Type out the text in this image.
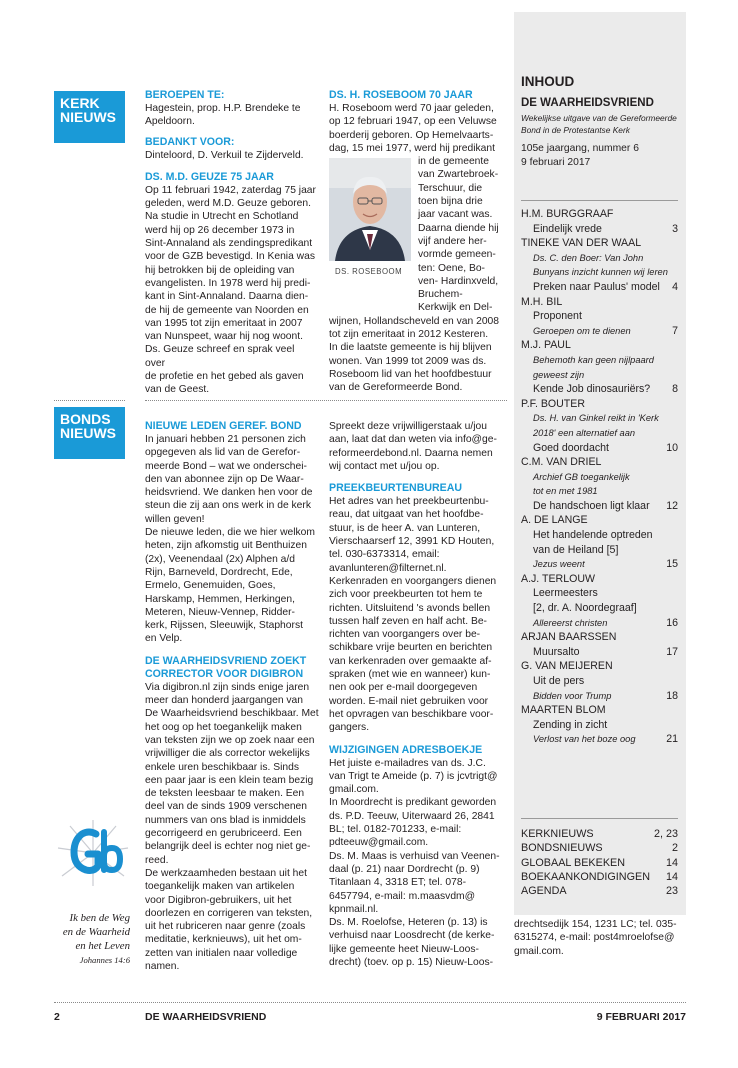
KERK
NIEUWS
BONDS
NIEUWS
BEROEPEN TE:

Hagestein, prop. H.P. Brendeke te

Apeldoorn.

BEDANKT VOOR:

Dinteloord, D. Verkuil te Zijderveld.

DS. M.D. GEUZE 75 JAAR

Op 11 februari 1942, zaterdag 75 jaar

geleden, werd M.D. Geuze geboren.

Na studie in Utrecht en Schotland

werd hij op 26 december 1973 in

Sint-Annaland als zendingspredikant

voor de GZB bevestigd. In Kenia was

hij betrokken bij de opleiding van

evangelisten. In 1978 werd hij predi-

kant in Sint-Annaland. Daarna dien-

de hij de gemeente van Noorden en

van 1995 tot zijn emeritaat in 2007

van Nunspeet, waar hij nog woont.

Ds. Geuze schreef en sprak veel over

de profetie en het gebed als gaven

van de Geest.

DS. H. ROSEBOOM 70 JAAR

H. Roseboom werd 70 jaar geleden,

op 12 februari 1947, op een Veluwse

boerderij geboren. Op Hemelvaarts-

dag, 15 mei 1977, werd hij predikant

DS. ROSEBOOM

in de gemeente

van Zwartebroek-

Terschuur, die

toen bijna drie

jaar vacant was.

Daarna diende hij

vijf andere her-

vormde gemeen-

ten: Oene, Bo-

ven- Hardinxveld,

Bruchem-

Kerkwijk en Del-

wijnen, Hollandscheveld en van 2008

tot zijn emeritaat in 2012 Kesteren.

In die laatste gemeente is hij blijven

wonen. Van 1999 tot 2009 was ds.

Roseboom lid van het hoofdbestuur

van de Gereformeerde Bond.

NIEUWE LEDEN GEREF. BOND

In januari hebben 21 personen zich

opgegeven als lid van de Gerefor-

meerde Bond – wat we onderschei-

den van abonnee zijn op De Waar-

heidsvriend. We danken hen voor de

steun die zij aan ons werk in de kerk

willen geven!

De nieuwe leden, die we hier welkom

heten, zijn afkomstig uit Benthuizen

(2x), Veenendaal (2x) Alphen a/d

Rijn, Barneveld, Dordrecht, Ede,

Ermelo, Genemuiden, Goes,

Harskamp, Hemmen, Herkingen,

Meteren, Nieuw-Vennep, Ridder-

kerk, Rijssen, Sleeuwijk, Staphorst

en Velp.

DE WAARHEIDSVRIEND ZOEKT
CORRECTOR VOOR DIGIBRON

Via digibron.nl zijn sinds enige jaren

meer dan honderd jaargangen van

De Waarheidsvriend beschikbaar. Met

het oog op het toegankelijk maken

van teksten zijn we op zoek naar een

vrijwilliger die als corrector wekelijks

enkele uren beschikbaar is. Sinds

een paar jaar is een klein team bezig

de teksten leesbaar te maken. Een

deel van de sinds 1909 verschenen

nummers van ons blad is inmiddels

gecorrigeerd en gerubriceerd. Een

belangrijk deel is echter nog niet ge-

reed.

De werkzaamheden bestaan uit het

toegankelijk maken van artikelen

voor Digibron-gebruikers, uit het

doorlezen en corrigeren van teksten,

uit het rubriceren naar genre (zoals

meditatie, kerknieuws), uit het om-

zetten van initialen naar volledige

namen.

Spreekt deze vrijwilligerstaak u/jou

aan, laat dat dan weten via info@ge-

reformeerdebond.nl. Daarna nemen

wij contact met u/jou op.

PREEKBEURTENBUREAU

Het adres van het preekbeurtenbu-

reau, dat uitgaat van het hoofdbe-

stuur, is de heer A. van Lunteren,

Vierschaarserf 12, 3991 KD Houten,

tel. 030-6373314, email:

avanlunteren@filternet.nl.

Kerkenraden en voorgangers dienen

zich voor preekbeurten tot hem te

richten. Uitsluitend 's avonds bellen

tussen half zeven en half acht. Be-

richten van voorgangers over be-

schikbare vrije beurten en berichten

van kerkenraden over gemaakte af-

spraken (met wie en wanneer) kun-

nen ook per e-mail doorgegeven

worden. E-mail niet gebruiken voor

het opvragen van beschikbare voor-

gangers.

WIJZIGINGEN ADRESBOEKJE

Het juiste e-mailadres van ds. J.C.

van Trigt te Ameide (p. 7) is jcvtrigt@

gmail.com.

In Moordrecht is predikant geworden

ds. P.D. Teeuw, Uiterwaard 26, 2841

BL; tel. 0182-701233, e-mail:

pdteeuw@gmail.com.

Ds. M. Maas is verhuisd van Veenen-

daal (p. 21) naar Dordrecht (p. 9)

Titanlaan 4, 3318 ET; tel. 078-

6457794, e-mail: m.maasvdm@

kpnmail.nl.

Ds. M. Roelofse, Heteren (p. 13) is

verhuisd naar Loosdrecht (de kerke-

lijke gemeente heet Nieuw-Loos-

drecht) (toev. op p. 15) Nieuw-Loos-

Ik ben de Weg
en de Waarheid
en het Leven
Johannes 14:6
INHOUD
DE WAARHEIDSVRIEND
Wekelijkse uitgave van de Gereformeerde
Bond in de Protestantse Kerk
105e jaargang, nummer 6
9 februari 2017
H.M. BURGGRAAF
Eindelijk vrede	3
TINEKE VAN DER WAAL
Ds. C. den Boer: Van John
Bunyans inzicht kunnen wij leren
Preken naar Paulus' model 4
M.H. BIL
Proponent
Geroepen om te dienen	7
M.J. PAUL
Behemoth kan geen nijlpaard
geweest zijn
Kende Job dinosauriërs? 8
P.F. BOUTER
Ds. H. van Ginkel reikt in 'Kerk
2018' een alternatief aan
Goed doordacht	10
C.M. VAN DRIEL
Archief GB toegankelijk
tot en met 1981
De handschoen ligt klaar 12
A. DE LANGE
Het handelende optreden
van de Heiland [5]
Jezus weent	15
A.J. TERLOUW
Leermeesters
[2, dr. A. Noordegraaf]
Allereerst christen	16
ARJAN BAARSSEN
Muursalto	17
G. VAN MEIJEREN
Uit de pers
Bidden voor Trump	18
MAARTEN BLOM
Zending in zicht
Verlost van het boze oog	21
KERKNIEUWS	2, 23
BONDSNIEUWS	2
GLOBAAL BEKEKEN	14
BOEKAANKONDIGINGEN 14
AGENDA	23

drechtsedijk 154, 1231 LC; tel. 035-

6315274, e-mail: post4mroelofse@

gmail.com.

2	DE WAARHEIDSVRIEND	9 FEBRUARI 2017
